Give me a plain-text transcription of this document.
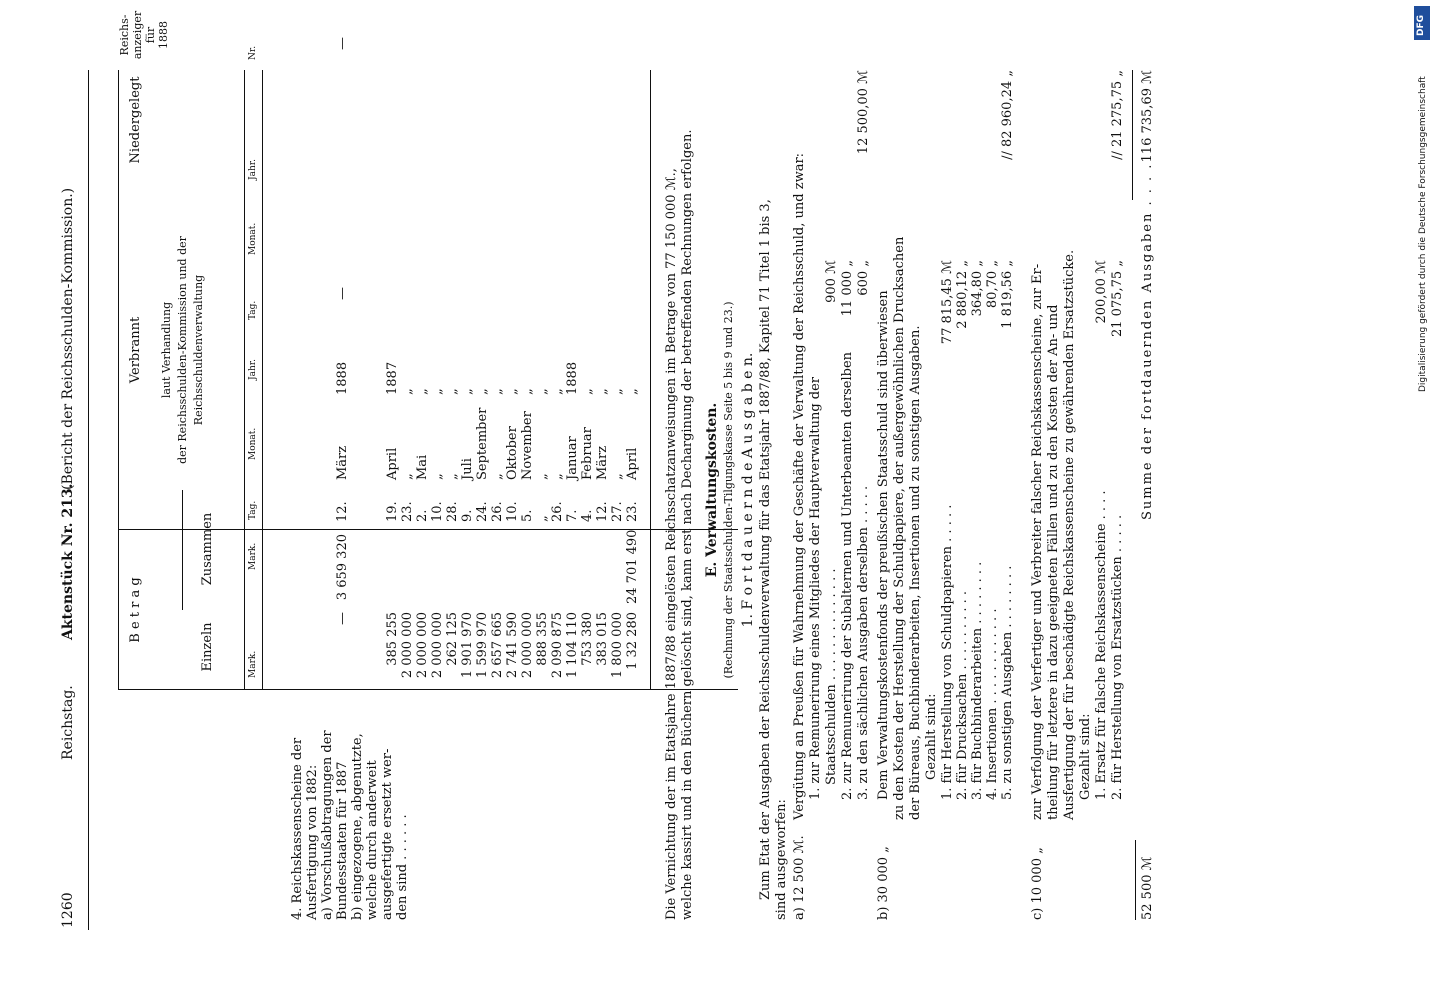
1260
Reichstag.
Aktenstück Nr. 213.
(Bericht der Reichsschulden-Kommission.)
B e t r a g
Einzeln
Zusammen
Verbrannt laut Verhandlung der Reichsschulden-Kommission und der Reichsschuldenverwaltung
Niedergelegt
Reichs-
anzeiger
für
1888
Mark.
Mark.
Tag.
Monat.
Jahr.
Tag.
Monat.
Jahr.
Nr.
4. Reichskassenscheine der Ausfertigung von 1882: a) Vorschußabtragungen der Bundesstaaten für 1887 b) eingezogene, abgenutzte, welche durch anderweit ausgefertigte ersetzt wer- den sind . . . . . .
—
3 659 320
12.
März
1888
385 255 2 000 000 2 000 000 2 000 000 262 125 1 901 970 1 599 970 2 657 665 2 741 590 2 000 000 888 355 2 090 875 1 104 110 753 380 383 015 1 800 000 1 32 280
19. 23. 2. 10. 28. 9. 24. 26. 10. 5. „ 26. 7. 4. 12. 27. 23.
April „ Mai „ „ Juli September „ Oktober November „ „ Januar Februar März „ April
1887 „ „ „ „ „ „ „ „ „ „ „ 1888 „ „ „ „
24 701 490
—
—
Die Vernichtung der im Etatsjahre 1887/88 eingelösten Reichsschatzanweisungen im Betrage von 77 150 000 ℳ., welche kassirt und in den Büchern gelöscht sind, kann erst nach Decharginung der betreffenden Rechnungen erfolgen. E. Verwaltungskosten. (Rechnung der Staatsschulden-Tilgungskasse Seite 5 bis 9 und 23.) 1. F o r t d a u e r n d e A u s g a b e n. Zum Etat der Ausgaben der Reichsschuldenverwaltung für das Etatsjahr 1887/88, Kapitel 71 Titel 1 bis 3, sind ausgeworfen: a) 12 500 ℳ.
Vergütung an Preußen für Wahrnehmung der Geschäfte der Verwaltung der Reichsschuld, und zwar: 1. zur Remunerirung eines Mitgliedes der Hauptverwaltung der Staatsschulden . . . . . . . . . . . . . .
900 ℳ
2. zur Remunerirung der Subalternen und Unterbeamten derselben
11 000 „
3. zu den sächlichen Ausgaben derselben . . . . .
600 „
12 500,00 ℳ
b) 30 000 „
Dem Verwaltungskostenfonds der preußischen Staatsschuld sind überwiesen zu den Kosten der Herstellung der Schuldpapiere, der außergewöhnlichen Drucksachen der Büreaus, Buchbinderarbeiten, Insertionen und zu sonstigen Ausgaben. Gezahlt sind: 1. für Herstellung von Schuldpapieren . . . . . 2. für Drucksachen . . . . . . . . . . 3. für Buchbinderarbeiten . . . . . . . . 4. Insertionen . . . . . . . . . . . . 5. zu sonstigen Ausgaben . . . . . . . .
77 815,45 ℳ 2 880,12 „ 364,80 „ 80,70 „ 1 819,56 „
// 82 960,24 „
c) 10 000 „
zur Verfolgung der Verfertiger und Verbreiter falscher Reichskassenscheine, zur Er- theilung für letztere in dazu geeigneten Fällen und zu den Kosten der An- und Ausfertigung der für beschädigte Reichskassenscheine zu gewährenden Ersatzstücke. Gezahlt sind: 1. Ersatz für falsche Reichskassenscheine . . . .
200,00 ℳ
2. für Herstellung von Ersatzstücken . . . . .
21 075,75 „
// 21 275,75 „
52 500 ℳ
Summe der fortdauernden Ausgaben . . . .
116 735,69 ℳ
DFG
Digitalisierung gefördert durch die Deutsche Forschungsgemeinschaft
